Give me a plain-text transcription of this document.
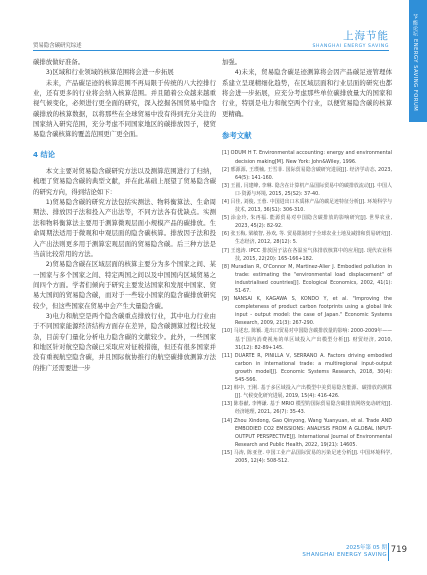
贸易隐含碳研究综述
上海节能
SHANGHAI ENERGY SAVING	节能论坛 ENERGY SAVING FORUM

碳排放做好准备。

3)区域和行业领域的核算范围将会进一步拓展

未来，产品碳足迹的核算范围不再局限于传统的八大控排行业，还有更多的行业将会纳入核算范围。并且随着公众越来越重视气候变化，必须进行更全面的研究，深入挖掘各国贸易中隐含碳排放的核算数据，以将那些在全球贸易中没有得到充分关注的国家纳入研究范围，充分考虑不同国家地区的碳排放因子，使贸易隐含碳核算的覆盖范围更广更全面。

4 结论

本文主要对贸易隐含碳研究方法以及测算范围进行了归纳，梳理了贸易隐含碳的典型文献，并在此基础上展望了贸易隐含碳的研究方向，得到结论如下：

1)贸易隐含碳的研究方法包括实测法、物料衡算法、生命周期法、排放因子法和投入产出法等，不同方法各有优缺点。实测法和物料衡算法主要用于测算微观层面小规模产品的碳排放。生命周期法适用于微观和中观层面的隐含碳核算。排放因子法和投入产出法则更多用于测算宏观层面的贸易隐含碳。后三种方法是当前比较常用的方法。

2)贸易隐含碳在区域层面的核算主要分为多个国家之间、某一国家与多个国家之间、特定两国之间以及中国国内区域贸易之间四个方面。学者们倾向于研究主要发达国家和发展中国家、贸易大国间的贸易隐含碳，而对于一些较小国家的隐含碳排放研究较少，但这些国家在贸易中会产生大量隐含碳。

3)电力和航空是两个隐含碳重点排放行业，其中电力行业由于不同国家能源经济结构方面存在差异，隐含碳测算过程比较复杂，目前专门量化分析电力隐含碳的文献较少。此外，一些国家和地区针对航空隐含碳已采取应对征税措施，但还有很多国家并没有重视航空隐含碳，并且国际航协推行的航空碳排放测算方法的推广还需要进一步

加强。

4)未来，贸易隐含碳足迹测算将会因产品碳足迹管理体系建立呈现精细化趋势，在区域层面和行业层面的研究也都将会进一步拓展，应充分考虑那些单位碳排放量大的国家和行业，特别是电力和航空两个行业，以便贸易隐含碳的核算更精确。

参考文献

[1] ODUM H T. Environmental accounting: energy and environmental decision making[M]. New York: John&Wiley, 1996.

[2] 邢源源, 王璞楠, 王雪菲. 国际贸易隐含碳研究进展[J]. 经济学动态, 2023, 64(5): 141-160.

[3] 王圆, 闫建峰, 李琳. 隐含在计算机产品国际贸易中的碳排放流动[J]. 中国人口·资源与环境, 2015, 25(S2): 37-40.

[4] 吕佳, 刘俊, 王蓉. 中国进出口木质林产品的碳足迹特征分析[J]. 环境科学与技术, 2013, 36(S1): 306-310.

[5] 涂金玲, 朱再福. 能源贸易对中国隐含碳排放的影响研究[J]. 世界农业, 2023, 45(2): 82-92.

[6] 张玉梅, 梁敏智, 孙欢, 等. 贸易限制对于全球农业土地及减排和贸易研究[J]. 生态经济, 2012, 28(12): 5.

[7] 王逸涛. IPCC 排放因子法在各温室气体排放核算中的应用[J]. 现代农业科技, 2015, 22(20): 165-166+182.

[8] Muradian R, O'Connor M, Martinez-Alier J. Embodied pollution in trade: estimating the "environmental load displacement" of industrialised countries[J]. Ecological Economics, 2002, 41(1): 51-67.

[9] NANSAI K, KAGAWA S, KONDO Y, et al. "Improving the completeness of product carbon footprints using a global link input - output model: the case of Japan." Economic Systems Research, 2009, 21(3): 267-290.

[10] 马述忠, 陈颖. 进出口贸易对中国隐含碳排放量的影响: 2000-2009年——基于国内消费视角的单区域投入产出模型分析[J]. 财贸经济, 2010, 31(12): 82-89+145.

[11] DUARTE R, PINILLA V, SERRANO A. Factors driving embodied carbon in international trade: a multiregional input-output growth model[J]. Economic Systems Research, 2018, 30(4): 545-566.

[12] 韩中, 王刚. 基于多区域投入产出模型中美贸易隐含能源、碳排放的测算[J]. 气候变化研究进展, 2019, 15(4): 416-426.

[13] 陈春献, 李博谦. 基于 MRIO 模型的国际贸易隐含碳排放网络变动研究[J]. 经济地理, 2021, 26(7): 35-43.

[14] Zhou Xindong, Gao Qinyong, Wang Yuanyuan, et al. Trade AND EMBODIED CO2 EMISSIONS: ANALYSIS FROM A GLOBAL INPUT-OUTPUT PERSPECTIVE[J]. International Journal of Environmental Research and Public Health, 2022, 19(21): 14605.

[15] 马涛, 陈亚登. 中国工业产品国际贸易的污染足迹分析[J]. 中国环境科学, 2005, 12(4): 508-512.

2025年第 05 期
SHANGHAI ENERGY SAVING 719
